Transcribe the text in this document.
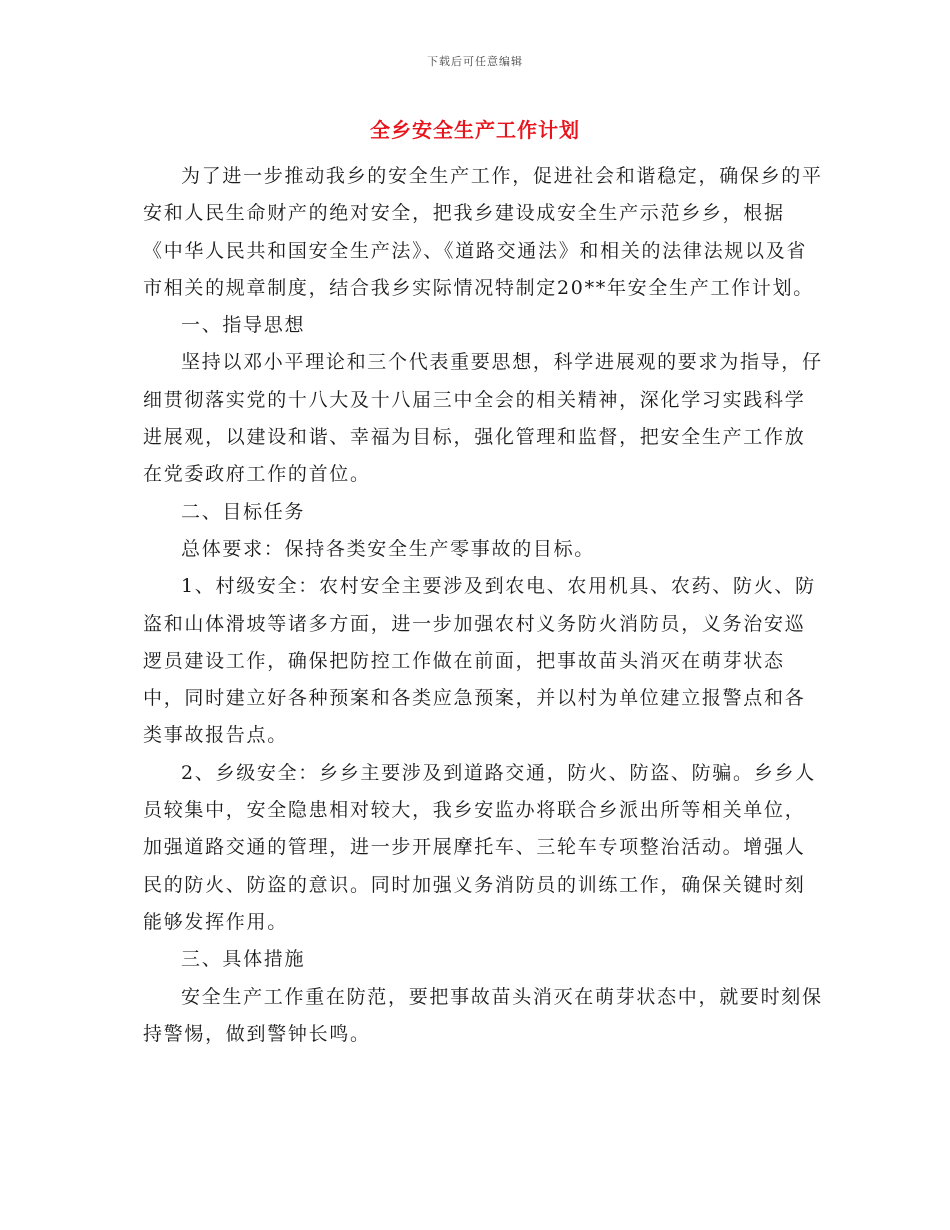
下载后可任意编辑
全乡安全生产工作计划

为了进一步推动我乡的安全生产工作，促进社会和谐稳定，确保乡的平安和人民生命财产的绝对安全，把我乡建设成安全生产示范乡乡，根据《中华人民共和国安全生产法》、《道路交通法》和相关的法律法规以及省市相关的规章制度，结合我乡实际情况特制定20**年安全生产工作计划。

一、指导思想

坚持以邓小平理论和三个代表重要思想，科学进展观的要求为指导，仔细贯彻落实党的十八大及十八届三中全会的相关精神，深化学习实践科学进展观，以建设和谐、幸福为目标，强化管理和监督，把安全生产工作放在党委政府工作的首位。

二、目标任务

总体要求：保持各类安全生产零事故的目标。

1、村级安全：农村安全主要涉及到农电、农用机具、农药、防火、防盗和山体滑坡等诸多方面，进一步加强农村义务防火消防员，义务治安巡逻员建设工作，确保把防控工作做在前面，把事故苗头消灭在萌芽状态中，同时建立好各种预案和各类应急预案，并以村为单位建立报警点和各类事故报告点。

2、乡级安全：乡乡主要涉及到道路交通，防火、防盗、防骗。乡乡人员较集中，安全隐患相对较大，我乡安监办将联合乡派出所等相关单位，加强道路交通的管理，进一步开展摩托车、三轮车专项整治活动。增强人民的防火、防盗的意识。同时加强义务消防员的训练工作，确保关键时刻能够发挥作用。

三、具体措施

安全生产工作重在防范，要把事故苗头消灭在萌芽状态中，就要时刻保持警惕，做到警钟长鸣。
